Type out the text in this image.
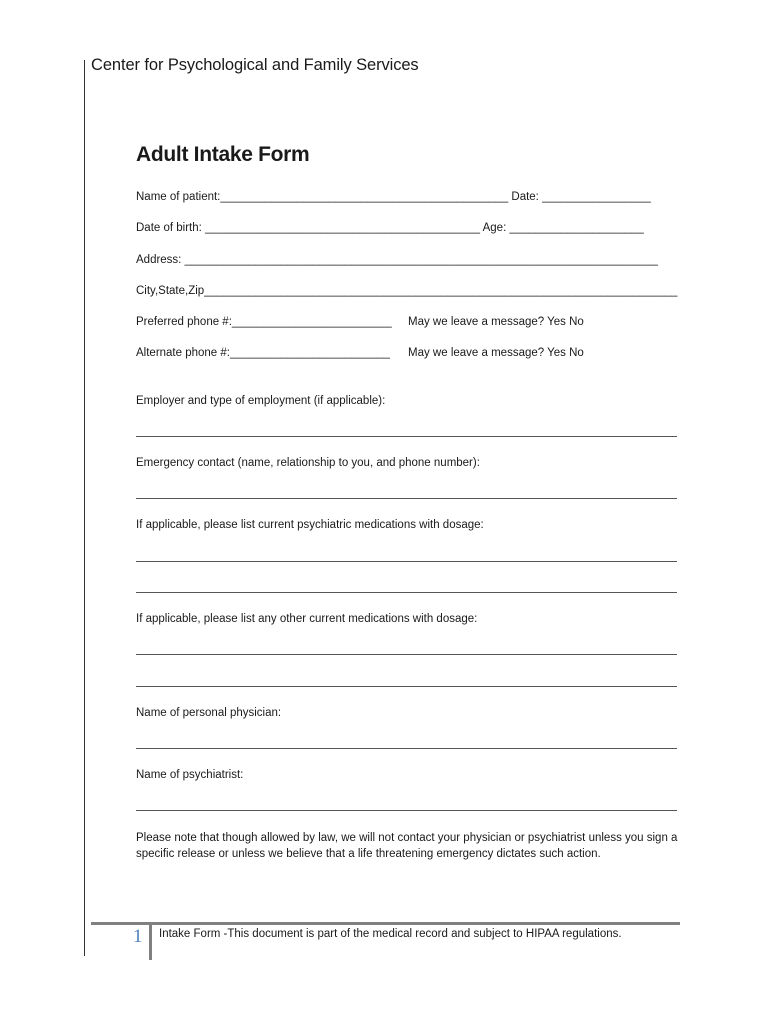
Center for Psychological and Family Services
Adult Intake Form
Name of patient:_____________________________________________ Date: _________________
Date of birth: ___________________________________________ Age: _____________________
Address: __________________________________________________________________________
City,State,Zip__________________________________________________________________________
Preferred phone #:_________________________ May we leave a message? Yes No
Alternate phone #:_________________________ May we leave a message? Yes No
Employer and type of employment (if applicable):
Emergency contact (name, relationship to you, and phone number):
If applicable, please list current psychiatric medications with dosage:
If applicable, please list any other current medications with dosage:
Name of personal physician:
Name of psychiatrist:
Please note that though allowed by law, we will not contact your physician or psychiatrist unless you sign a specific release or unless we believe that a life threatening emergency dictates such action.
1 Intake Form -This document is part of the medical record and subject to HIPAA regulations.
